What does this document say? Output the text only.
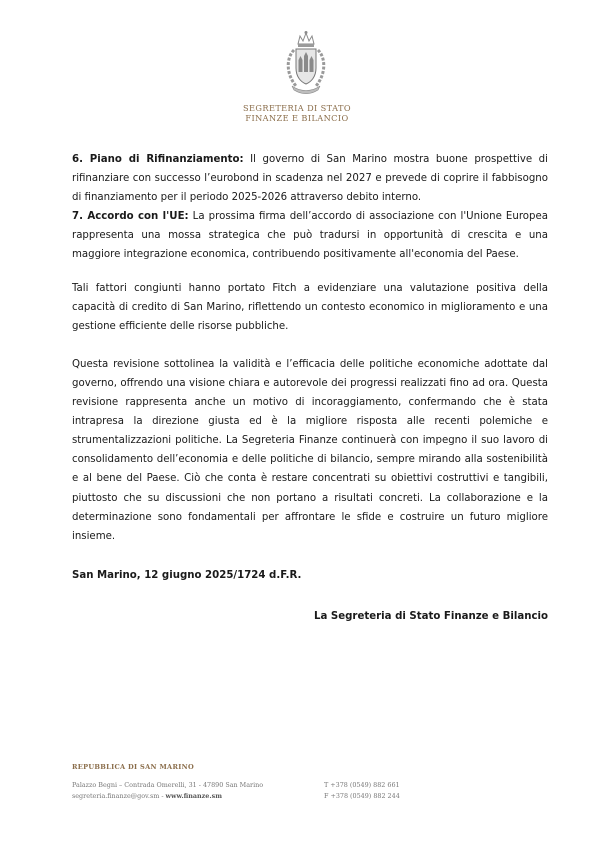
SEGRETERIA DI STATO
FINANZE E BILANCIO

6. Piano di Rifinanziamento: Il governo di San Marino mostra buone prospettive di rifinanziare con successo l’eurobond in scadenza nel 2027 e prevede di coprire il fabbisogno di finanziamento per il periodo 2025-2026 attraverso debito interno.

7. Accordo con l'UE: La prossima firma dell’accordo di associazione con l'Unione Europea rappresenta una mossa strategica che può tradursi in opportunità di crescita e una maggiore integrazione economica, contribuendo positivamente all'economia del Paese.

Tali fattori congiunti hanno portato Fitch a evidenziare una valutazione positiva della capacità di credito di San Marino, riflettendo un contesto economico in miglioramento e una gestione efficiente delle risorse pubbliche.

Questa revisione sottolinea la validità e l’efficacia delle politiche economiche adottate dal governo, offrendo una visione chiara e autorevole dei progressi realizzati fino ad ora. Questa revisione rappresenta anche un motivo di incoraggiamento, confermando che è stata intrapresa la direzione giusta ed è la migliore risposta alle recenti polemiche e strumentalizzazioni politiche. La Segreteria Finanze continuerà con impegno il suo lavoro di consolidamento dell’economia e delle politiche di bilancio, sempre mirando alla sostenibilità e al bene del Paese. Ciò che conta è restare concentrati su obiettivi costruttivi e tangibili, piuttosto che su discussioni che non portano a risultati concreti. La collaborazione e la determinazione sono fondamentali per affrontare le sfide e costruire un futuro migliore insieme.

San Marino, 12 giugno 2025/1724 d.F.R.
La Segreteria di Stato Finanze e Bilancio
REPUBBLICA DI SAN MARINO
Palazzo Begni – Contrada Omerelli, 31 - 47890 San Marino
segreteria.finanze@gov.sm - www.finanze.sm
T +378 (0549) 882 661
F +378 (0549) 882 244
